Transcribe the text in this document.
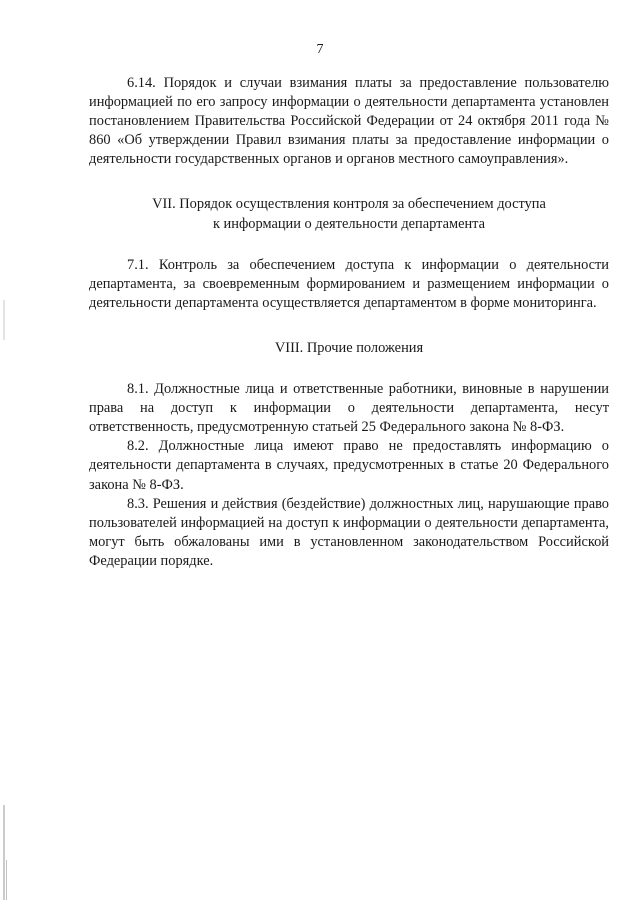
7

6.14. Порядок и случаи взимания платы за предоставление пользователю информацией по его запросу информации о деятельности департамента установлен постановлением Правительства Российской Федерации от 24 октября 2011 года № 860 «Об утверждении Правил взимания платы за предоставление информации о деятельности государственных органов и органов местного самоуправления».

VII. Порядок осуществления контроля за обеспечением доступа
к информации о деятельности департамента

7.1. Контроль за обеспечением доступа к информации о деятельности департамента, за своевременным формированием и размещением информации о деятельности департамента осуществляется департаментом в форме мониторинга.

VIII. Прочие положения

8.1. Должностные лица и ответственные работники, виновные в нарушении права на доступ к информации о деятельности департамента, несут ответственность, предусмотренную статьей 25 Федерального закона № 8-ФЗ.

8.2. Должностные лица имеют право не предоставлять информацию о деятельности департамента в случаях, предусмотренных в статье 20 Федерального закона № 8-ФЗ.

8.3. Решения и действия (бездействие) должностных лиц, нарушающие право пользователей информацией на доступ к информации о деятельности департамента, могут быть обжалованы ими в установленном законодательством Российской Федерации порядке.
